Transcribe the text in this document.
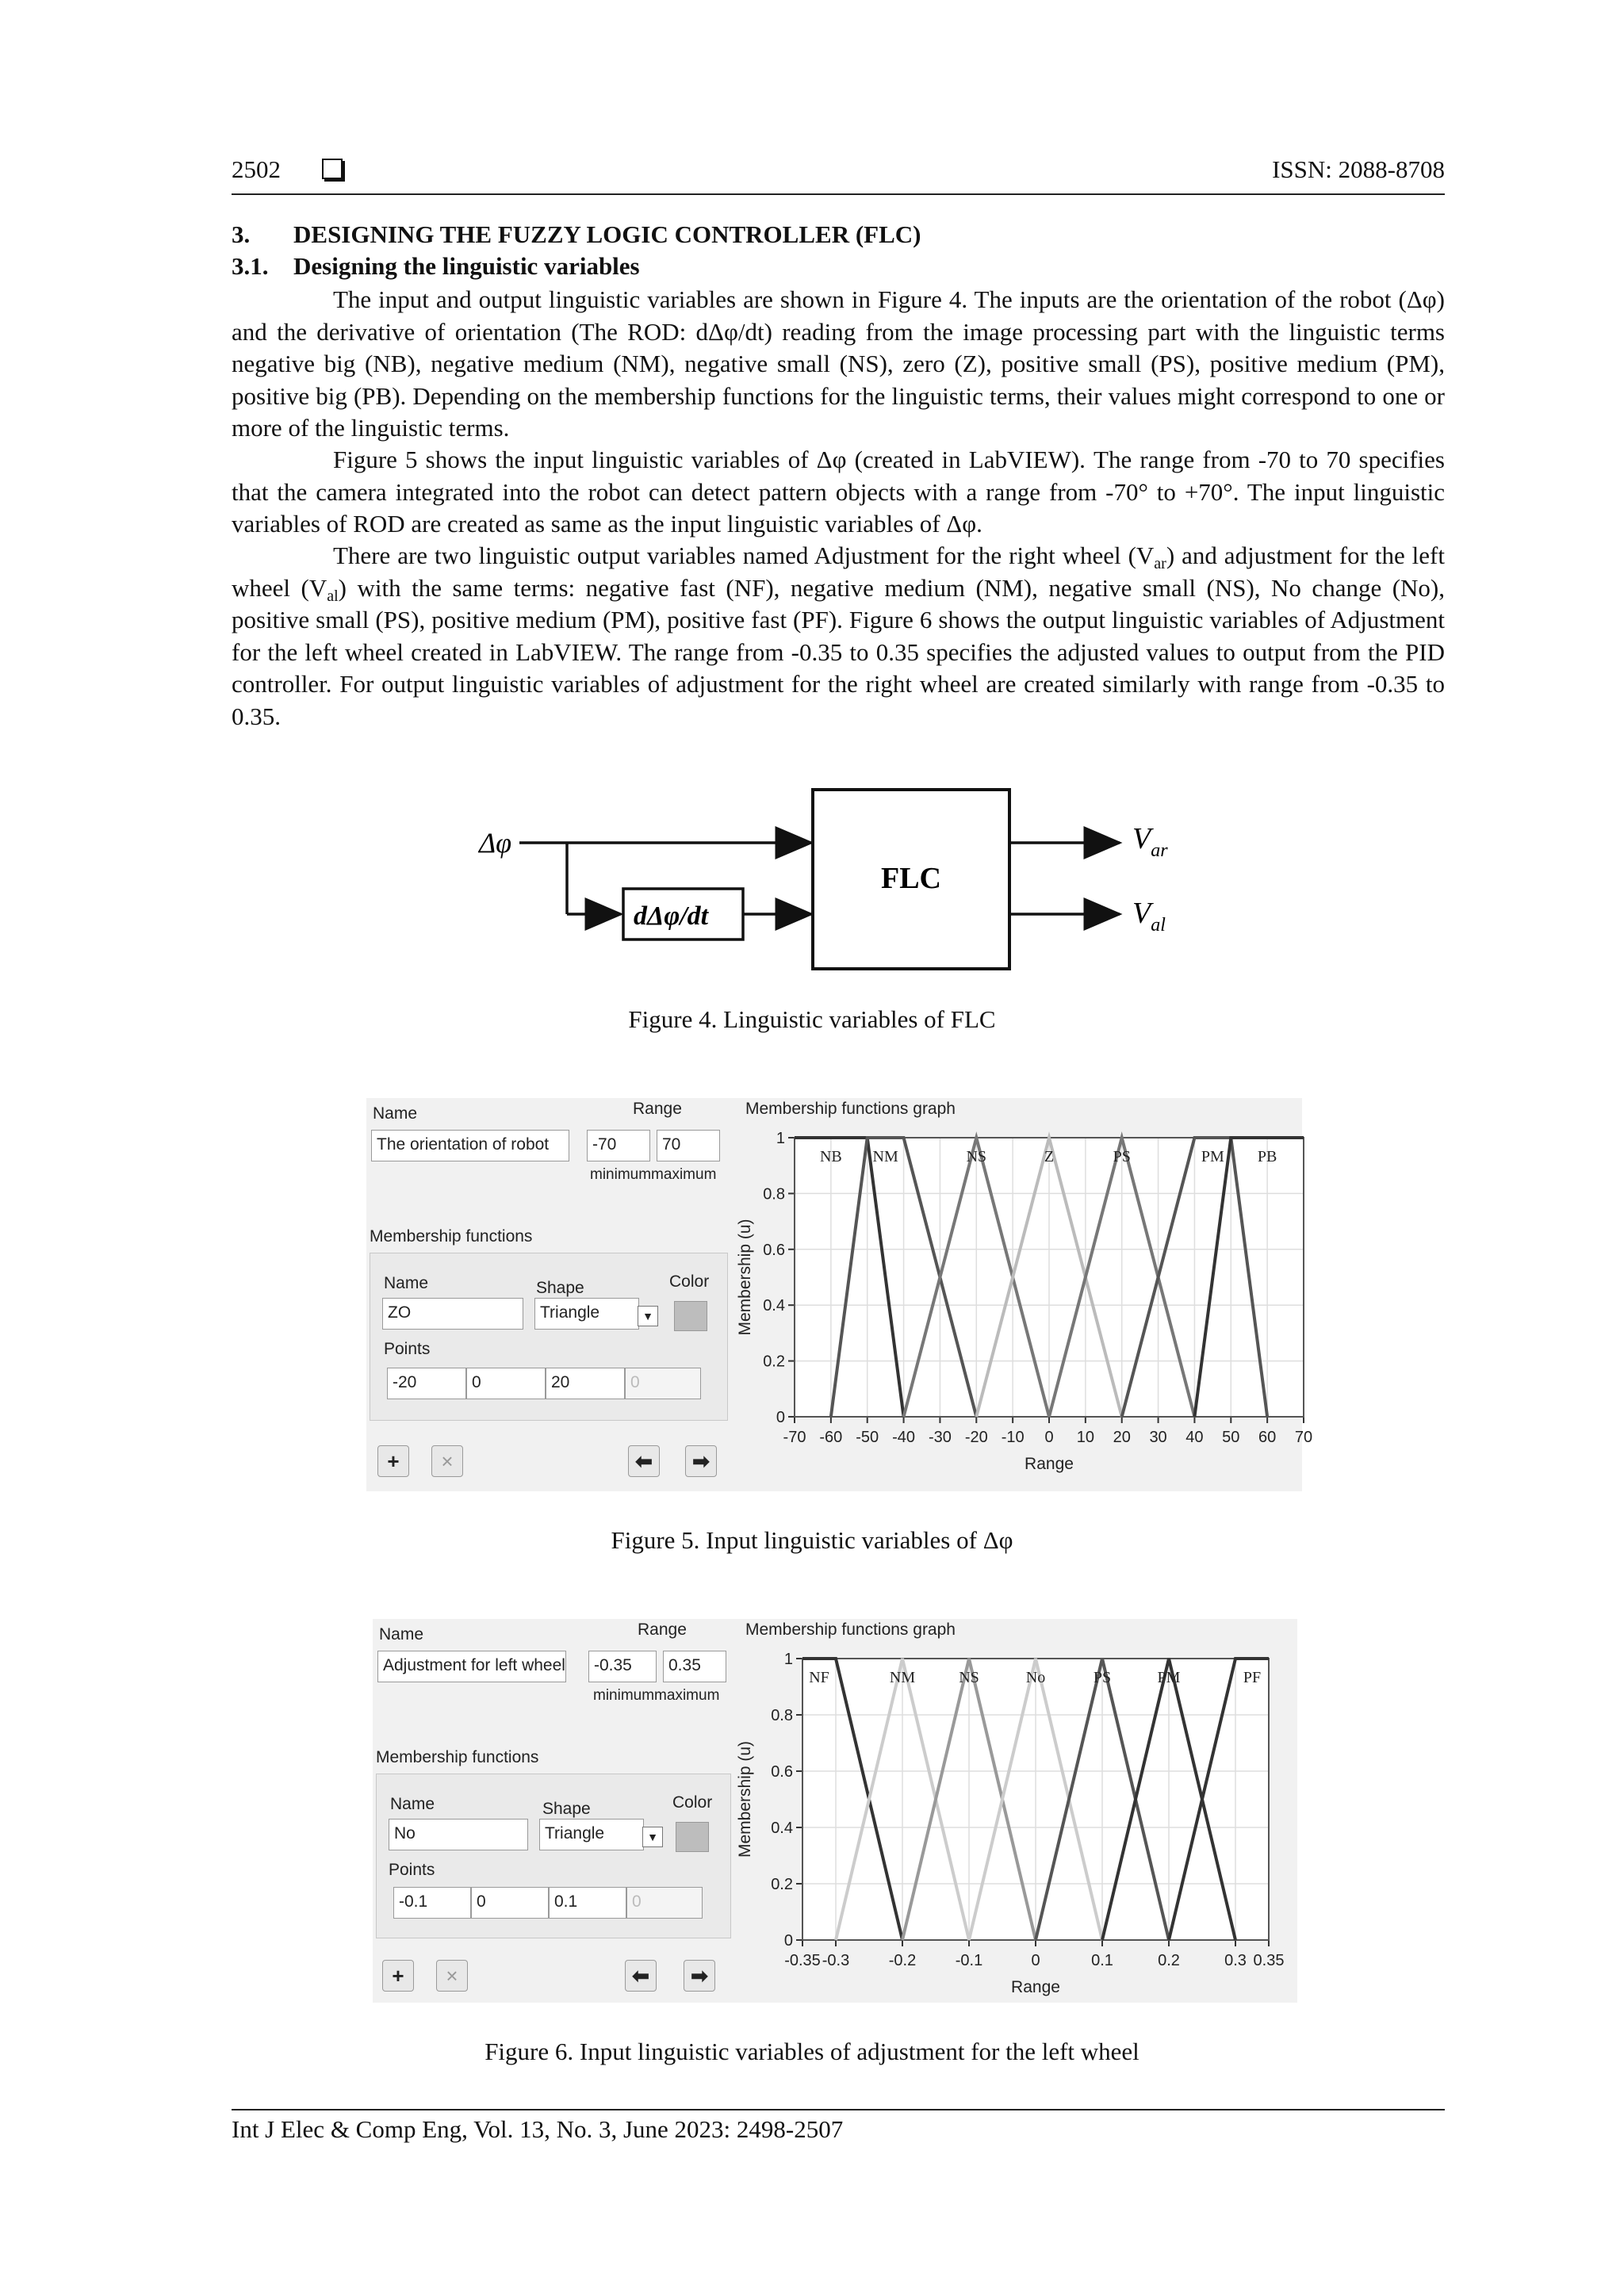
2502	ISSN: 2088-8708
3. DESIGNING THE FUZZY LOGIC CONTROLLER (FLC)
3.1. Designing the linguistic variables

The input and output linguistic variables are shown in Figure 4. The inputs are the orientation of the robot (Δφ) and the derivative of orientation (The ROD: dΔφ/dt) reading from the image processing part with the linguistic terms negative big (NB), negative medium (NM), negative small (NS), zero (Z), positive small (PS), positive medium (PM), positive big (PB). Depending on the membership functions for the linguistic terms, their values might correspond to one or more of the linguistic terms.

Figure 5 shows the input linguistic variables of Δφ (created in LabVIEW). The range from -70 to 70 specifies that the camera integrated into the robot can detect pattern objects with a range from -70° to +70°. The input linguistic variables of ROD are created as same as the input linguistic variables of Δφ.

There are two linguistic output variables named Adjustment for the right wheel $(V_{ar})$ and adjustment for the left wheel $(V_{al})$ with the same terms: negative fast (NF), negative medium (NM), negative small (NS), No change (No), positive small (PS), positive medium (PM), positive fast (PF). Figure 6 shows the output linguistic variables of Adjustment for the left wheel created in LabVIEW. The range from -0.35 to 0.35 specifies the adjusted values to output from the PID controller. For output linguistic variables of adjustment for the right wheel are created similarly with range from -0.35 to 0.35.

Δφ
dΔφ/dt
FLC
$V_{ar}$
$V_{al}$
Figure 4. Linguistic variables of FLC
Name	Range	Membership functions graph
The orientation of robot	-70	70
minimummaximum
Membership functions
Name	Shape	Color
ZO	Triangle	▼
Points
-20	0	20	0
+	×	⬅	➡
-70 -60 -50 -40 -30 -20 -10 0 10 20 30 40 50 60 70
0
0.2
0.4
0.6
0.8
1
NB NM	NS	Z	PS	PM PB
Range
Membership (u)
Figure 5. Input linguistic variables of Δφ
Name	Range	Membership functions graph
Adjustment for left wheel	-0.35	0.35
minimummaximum
Membership functions
Name	Shape	Color
No	Triangle	▼
Points
-0.1	0	0.1	0
+	×	⬅	➡
-0.35 -0.3 -0.2 -0.1	0	0.1	0.2	0.3 0.35
0
0.2
0.4
0.6
0.8
1
NF	NM	NS	No	PS	PM	PF
Range
Membership (u)
Figure 6. Input linguistic variables of adjustment for the left wheel
Int J Elec & Comp Eng, Vol. 13, No. 3, June 2023: 2498-2507
